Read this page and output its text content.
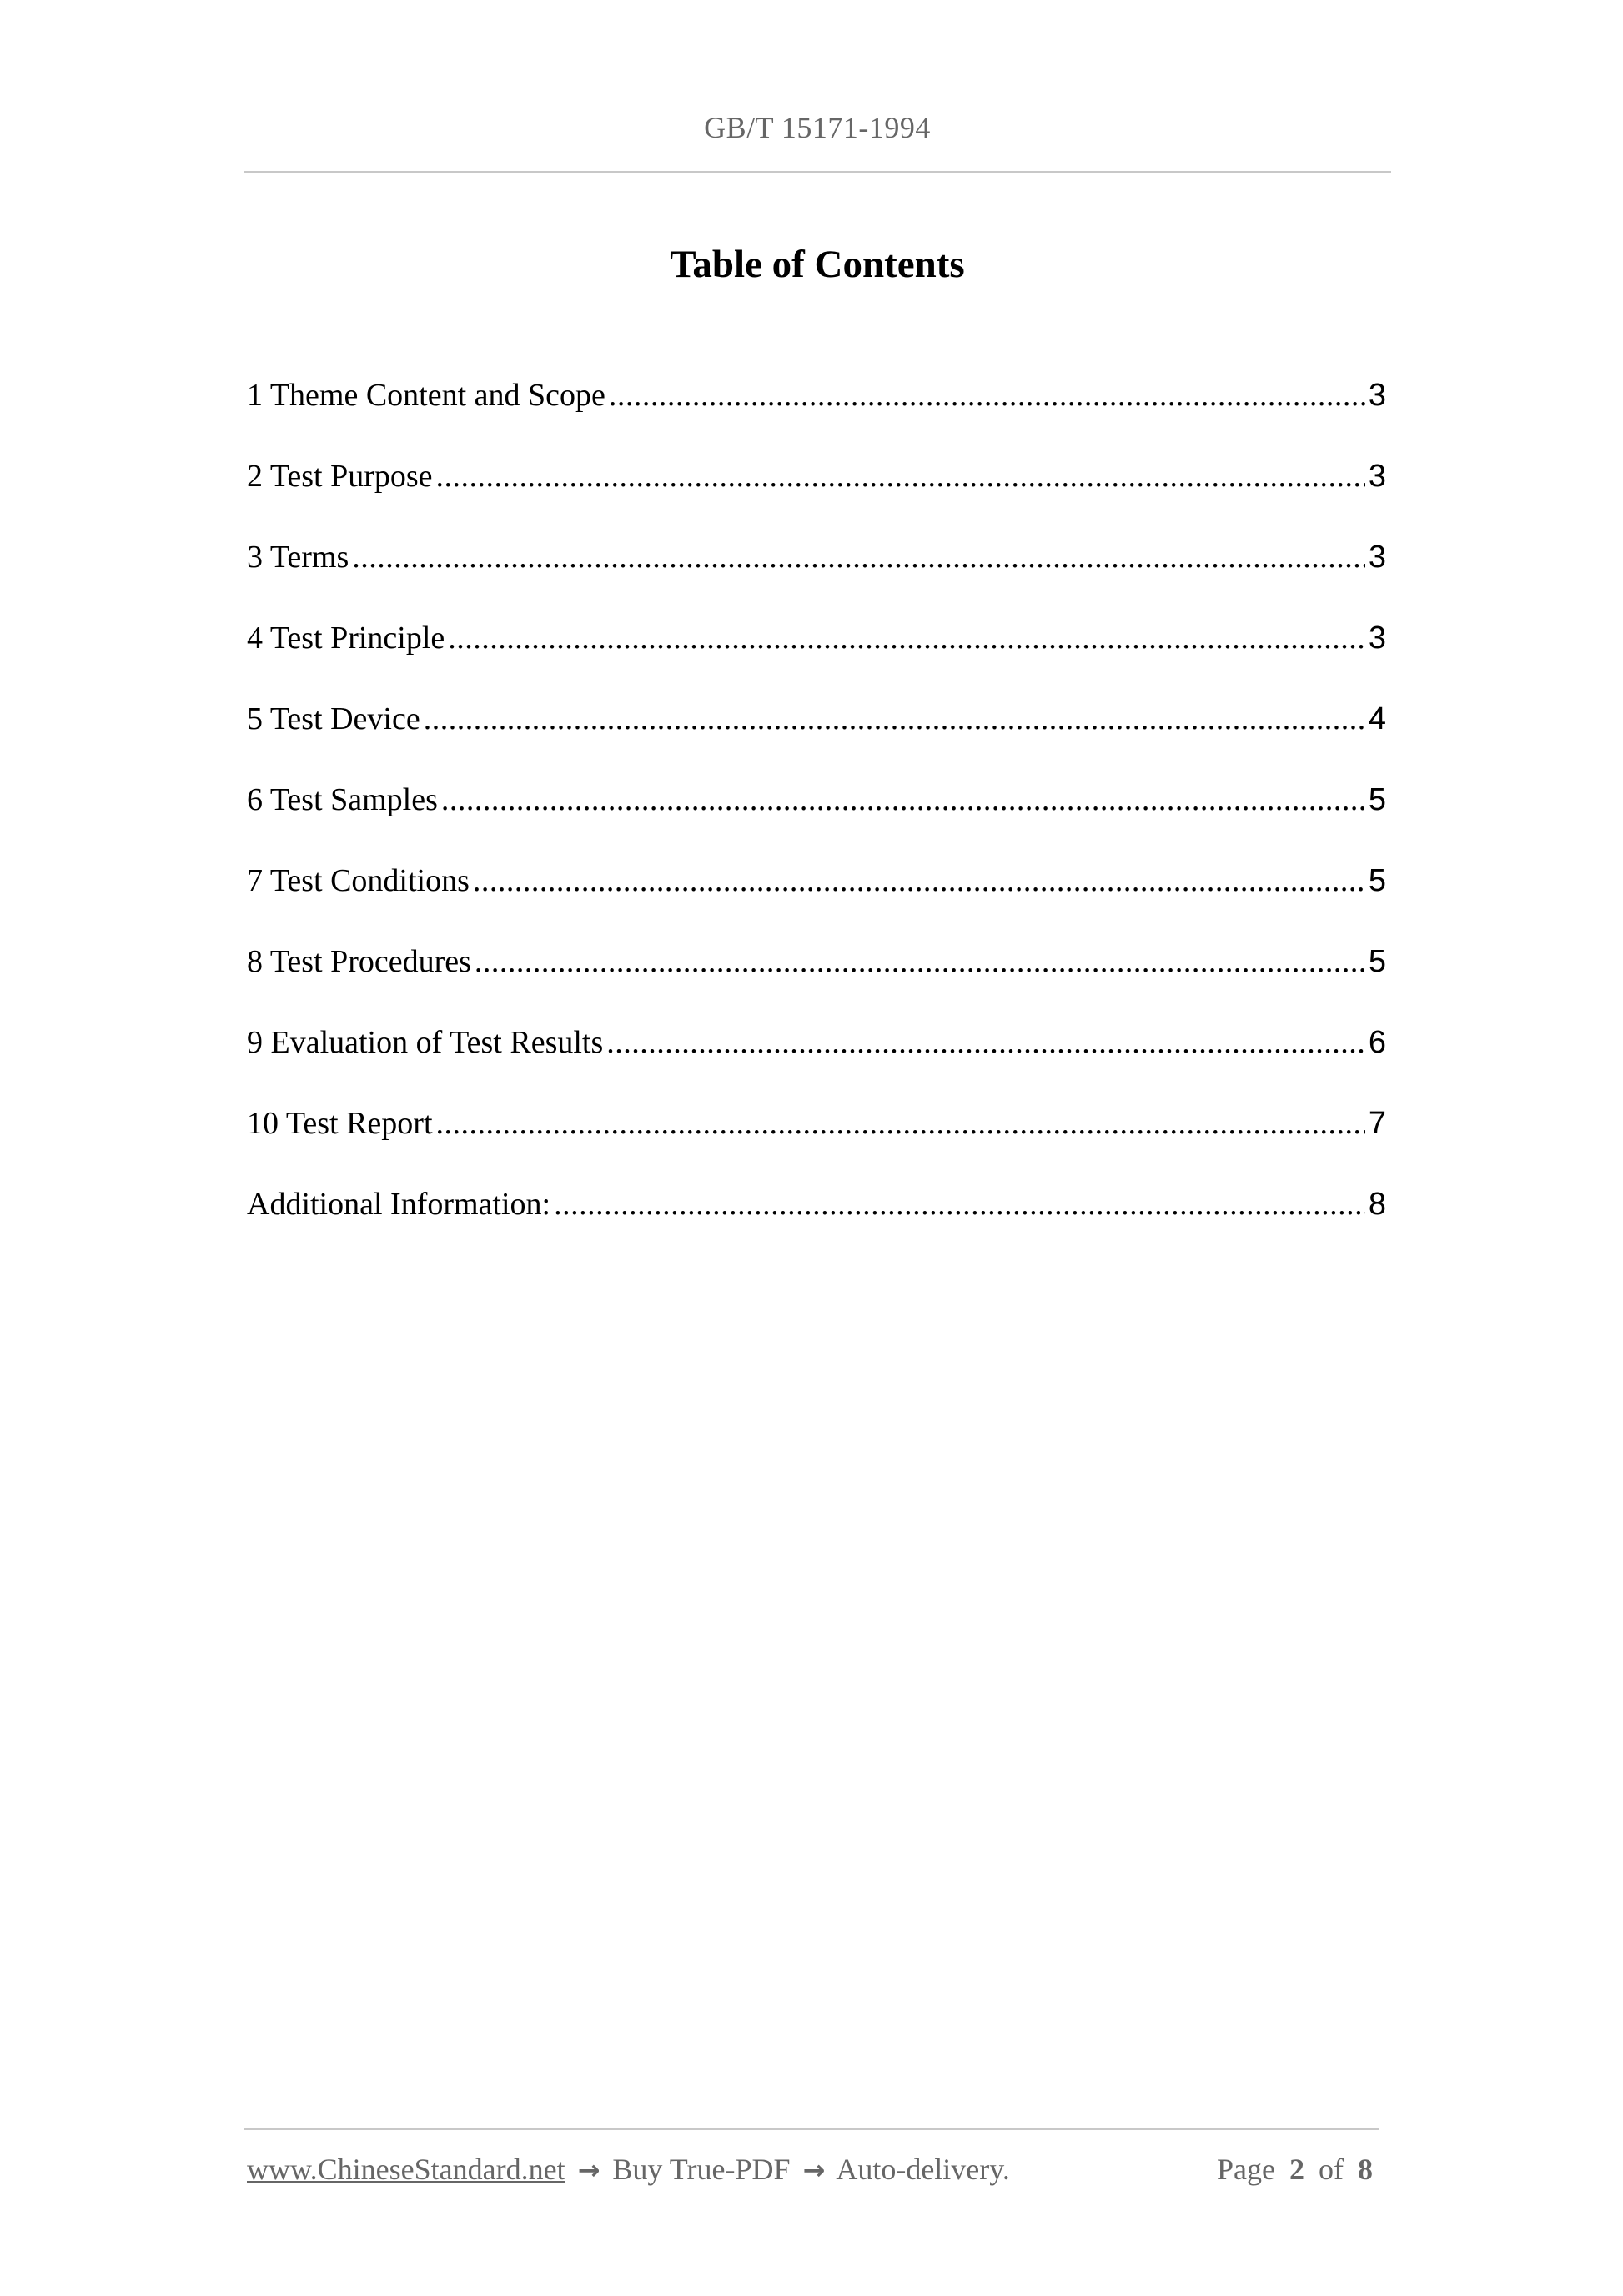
GB/T 15171-1994
Table of Contents
1 Theme Content and Scope .....	3
2 Test Purpose .....	3
3 Terms .....	3
4 Test Principle .....	3
5 Test Device .....	4
6 Test Samples .....	5
7 Test Conditions .....	5
8 Test Procedures .....	5
9 Evaluation of Test Results .....	6
10 Test Report .....	7
Additional Information: .....	8
www.ChineseStandard.net → Buy True-PDF → Auto-delivery.	Page 2 of 8
